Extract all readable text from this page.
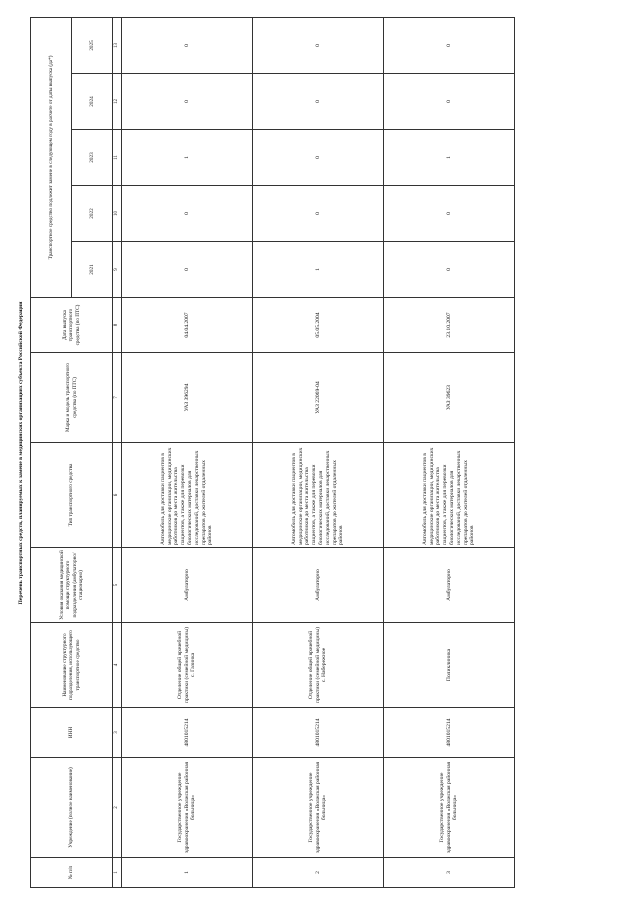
Перечень транспортных средств, планируемых к замене в медицинских организациях субъекта Российской Федерации
№ п/п	Учреждение (полное наименование)	ИНН	Наименование структурного подразделения, использующего транспортное средство	Условия оказания медицинской помощи структурного подразделения (амбулаторно/ стационарно)	Тип транспортного средства	Марка и модель транспортного средства (по ПТС)	Дата выпуска транспортного средства (по ПТС)	Транспортное средство подлежит замене в следующем году в расчете от даты выпуска (да*)				
								2021	2022	2023	2024	2025
1	2	3	4	5	6	7	8	9	10	11	12	13
1	Государственное учреждение здравоохранения «Волжская районная больница»	4801015214	Отделение общей врачебной практики (семейной медицины) с. Газинка	Амбулаторно	Автомобиль для доставки пациентов в медицинские организации, медицинских работников до места жительства пациентов, а также для перевозки биологических материалов для исследований, доставки лекарственных препаратов до жителей отдаленных районов	УАЗ 396294	04.04.2007	0	0	1	0	0
2	Государственное учреждение здравоохранения «Волжская районная больница»	4801015214	Отделение общей врачебной практики (семейной медицины) с. Набережное	Амбулаторно	Автомобиль для доставки пациентов в медицинские организации, медицинских работников до места жительства пациентов, а также для перевозки биологических материалов для исследований, доставки лекарственных препаратов до жителей отдаленных районов	УАЗ 22069-04	05.05.2004	1	0	0	0	0
3	Государственное учреждение здравоохранения «Волжская районная больница»	4801015214	Поликлиника	Амбулаторно	Автомобиль для доставки пациентов в медицинские организации, медицинских работников до места жительства пациентов, а также для перевозки биологических материалов для исследований, доставки лекарственных препаратов до жителей отдаленных районов	УАЗ 39623	23.10.2007	0	0	1	0	0
